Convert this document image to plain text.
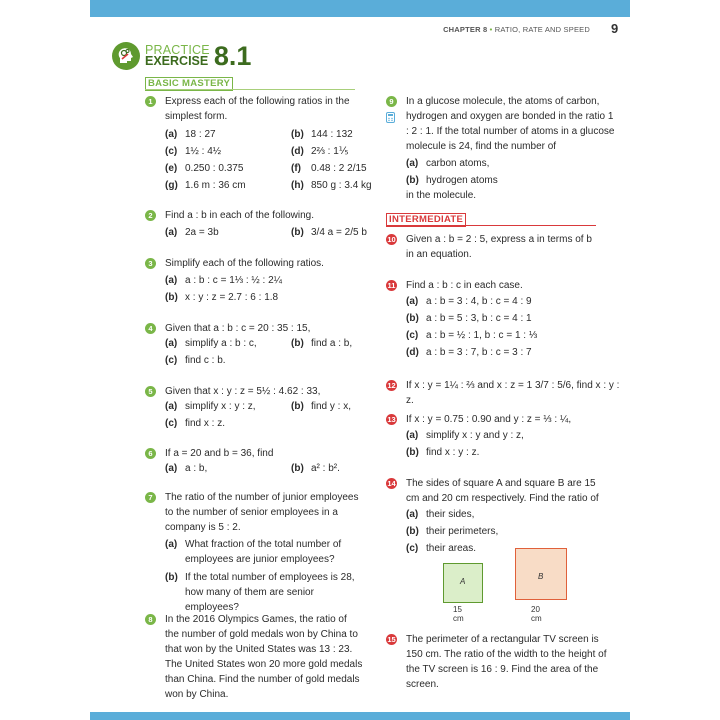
CHAPTER 8 • RATIO, RATE AND SPEED 9
PRACTICE
EXERCISE 8.1
BASIC MASTERY
1	Express each of the following ratios in the simplest form.
(a) 18 : 27	(b) 144 : 132
(c) 1½ : 4½	(d) 2⅔ : 1⅕
(e) 0.250 : 0.375	(f)	0.48 : 2 2/15
(g) 1.6 m : 36 cm	(h) 850 g : 3.4 kg
2	Find a : b in each of the following.
(a) 2a = 3b	(b) 3/4 a = 2/5 b
3	Simplify each of the following ratios.
(a) a : b : c = 1⅓ : ½ : 2¼
(b) x : y : z = 2.7 : 6 : 1.8
4	Given that a : b : c = 20 : 35 : 15,
(a) simplify a : b : c,	(b) find a : b,
(c) find c : b.
5	Given that x : y : z = 5½ : 4.62 : 33,
(a) simplify x : y : z,	(b) find y : x,
(c) find x : z.
6	If a = 20 and b = 36, find
(a) a : b,	(b) a² : b².
7	The ratio of the number of junior employees to the number of senior employees in a company is 5 : 2.
(a) What fraction of the total number of employees are junior employees?
(b) If the total number of employees is 28, how many of them are senior employees?
8	In the 2016 Olympics Games, the ratio of the number of gold medals won by China to that won by the United States was 13 : 23. The United States won 20 more gold medals than China. Find the number of gold medals won by China.
9	In a glucose molecule, the atoms of carbon, hydrogen and oxygen are bonded in the ratio 1 : 2 : 1. If the total number of atoms in a glucose molecule is 24, find the number of
(a) carbon atoms,
(b) hydrogen atoms
in the molecule.
INTERMEDIATE
10 Given a : b = 2 : 5, express a in terms of b in an equation.
11 Find a : b : c in each case.
(a) a : b = 3 : 4, b : c = 4 : 9
(b) a : b = 5 : 3, b : c = 4 : 1
(c) a : b = ½ : 1, b : c = 1 : ⅓
(d) a : b = 3 : 7, b : c = 3 : 7
12 If x : y = 1¼ : ⅔ and x : z = 1 3/7 : 5/6, find x : y : z.
13 If x : y = 0.75 : 0.90 and y : z = ⅓ : ¼,
(a) simplify x : y and y : z,
(b) find x : y : z.
14 The sides of square A and square B are 15 cm and 20 cm respectively. Find the ratio of
(a) their sides,
(b) their perimeters,
(c) their areas.
A
15 cm
B
20 cm
15 The perimeter of a rectangular TV screen is 150 cm. The ratio of the width to the height of the TV screen is 16 : 9. Find the area of the screen.
